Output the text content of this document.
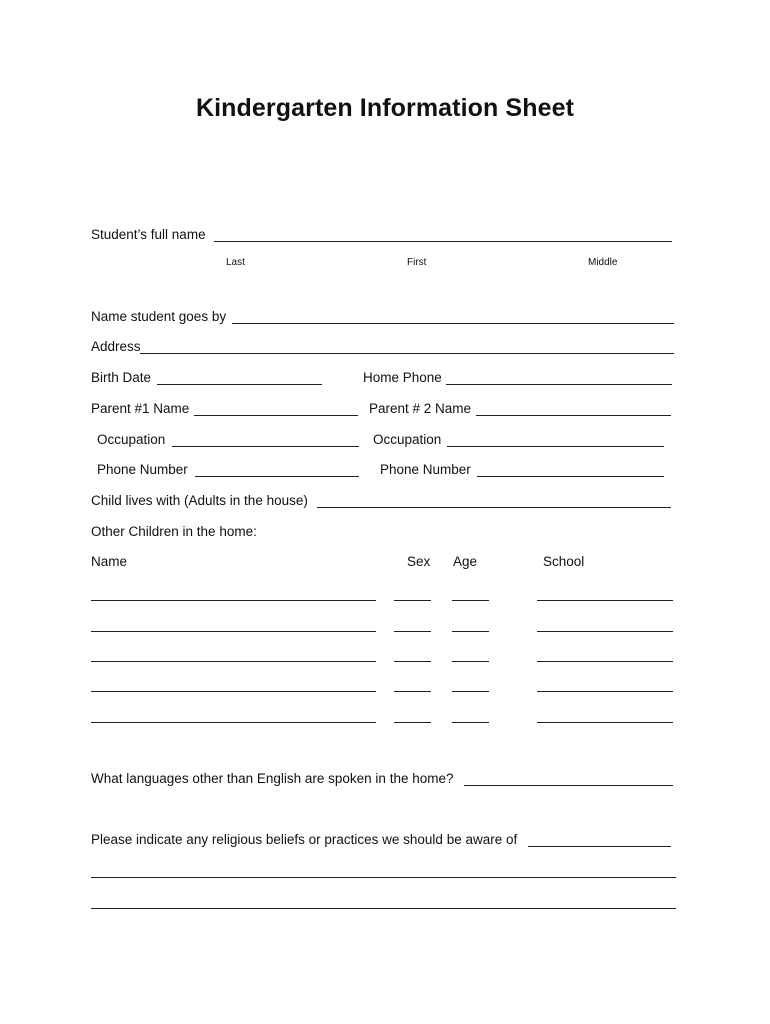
Kindergarten Information Sheet
Student’s full name
Last	First	Middle
Name student goes by
Address
Birth Date	Home Phone
Parent #1 Name	Parent # 2 Name
Occupation	Occupation
Phone Number	Phone Number
Child lives with (Adults in the house)
Other Children in the home:
Name	Sex Age	School
What languages other than English are spoken in the home?
Please indicate any religious beliefs or practices we should be aware of
